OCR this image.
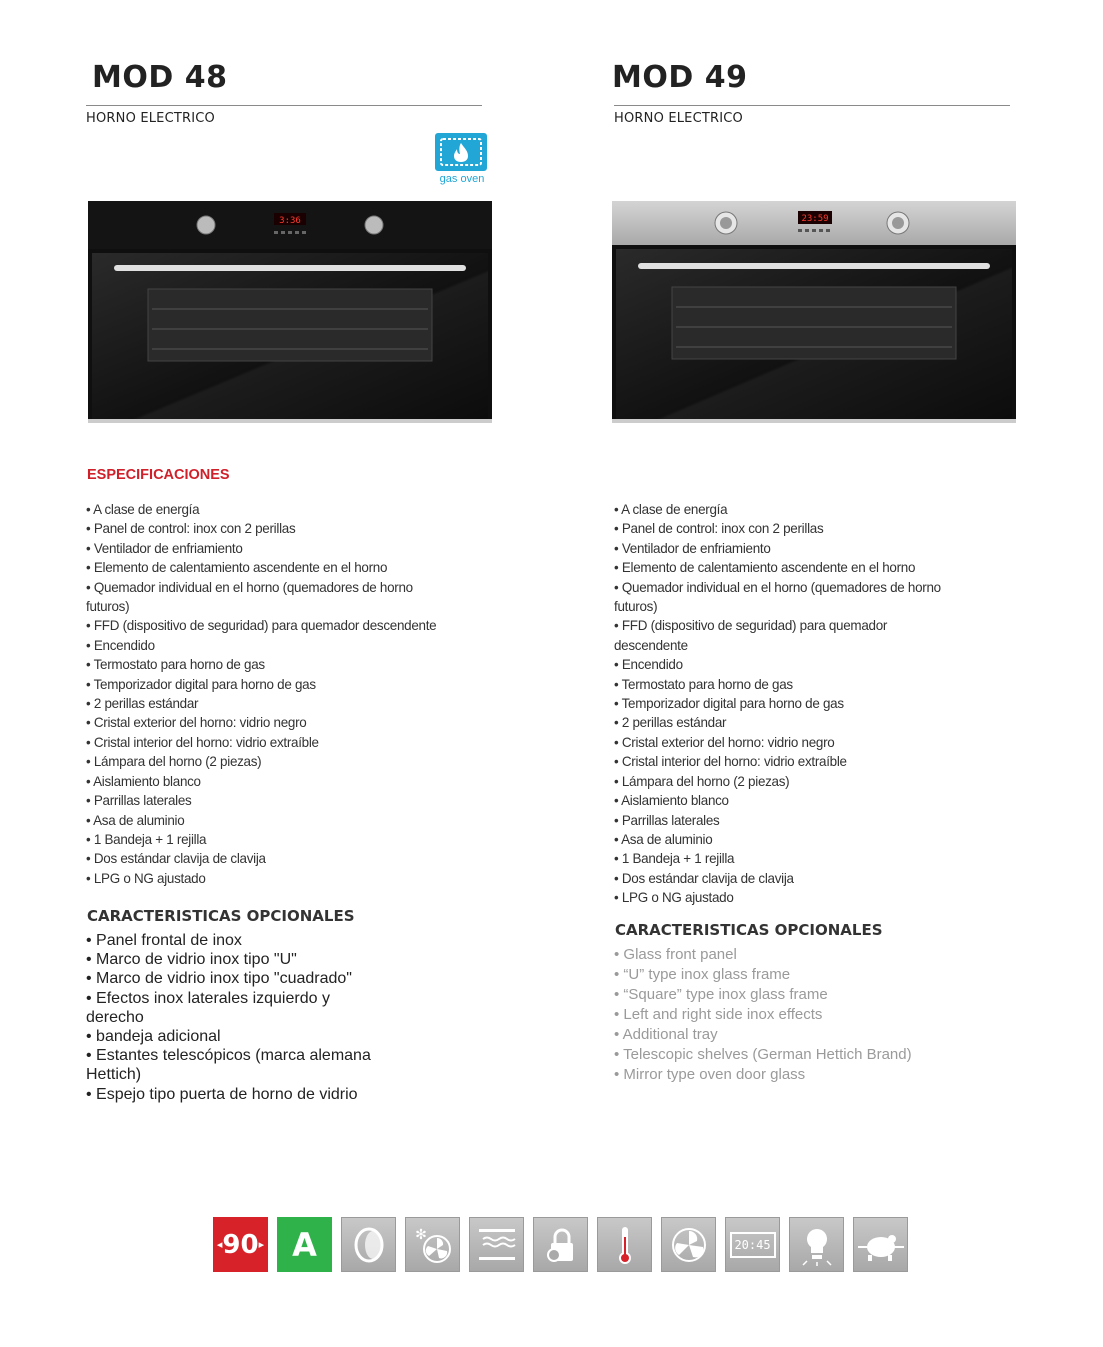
MOD 48
HORNO ELECTRICO
gas oven
3:36
ESPECIFICACIONES
• A clase de energía
• Panel de control: inox con 2 perillas
• Ventilador de enfriamiento
• Elemento de calentamiento ascendente en el horno
• Quemador individual en el horno (quemadores de horno
futuros)
• FFD (dispositivo de seguridad) para quemador descendente
• Encendido
• Termostato para horno de gas
• Temporizador digital para horno de gas
• 2 perillas estándar
• Cristal exterior del horno: vidrio negro
• Cristal interior del horno: vidrio extraíble
• Lámpara del horno (2 piezas)
• Aislamiento blanco
• Parrillas laterales
• Asa de aluminio
• 1 Bandeja + 1 rejilla
• Dos estándar clavija de clavija
• LPG o NG ajustado
CARACTERISTICAS OPCIONALES
• Panel frontal de inox
• Marco de vidrio inox tipo "U"
• Marco de vidrio inox tipo "cuadrado"
• Efectos inox laterales izquierdo y
derecho
• bandeja adicional
• Estantes telescópicos (marca alemana
Hettich)
• Espejo tipo puerta de horno de vidrio
MOD 49
HORNO ELECTRICO
23:59
• A clase de energía
• Panel de control: inox con 2 perillas
• Ventilador de enfriamiento
• Elemento de calentamiento ascendente en el horno
• Quemador individual en el horno (quemadores de horno
futuros)
• FFD (dispositivo de seguridad) para quemador
descendente
• Encendido
• Termostato para horno de gas
• Temporizador digital para horno de gas
• 2 perillas estándar
• Cristal exterior del horno: vidrio negro
• Cristal interior del horno: vidrio extraíble
• Lámpara del horno (2 piezas)
• Aislamiento blanco
• Parrillas laterales
• Asa de aluminio
• 1 Bandeja + 1 rejilla
• Dos estándar clavija de clavija
• LPG o NG ajustado
CARACTERISTICAS OPCIONALES
• Glass front panel
• “U” type inox glass frame
• “Square” type inox glass frame
• Left and right side inox effects
• Additional tray
• Telescopic shelves (German Hettich Brand)
• Mirror type oven door glass
◂ 90 ▸ A	✻
20:45
